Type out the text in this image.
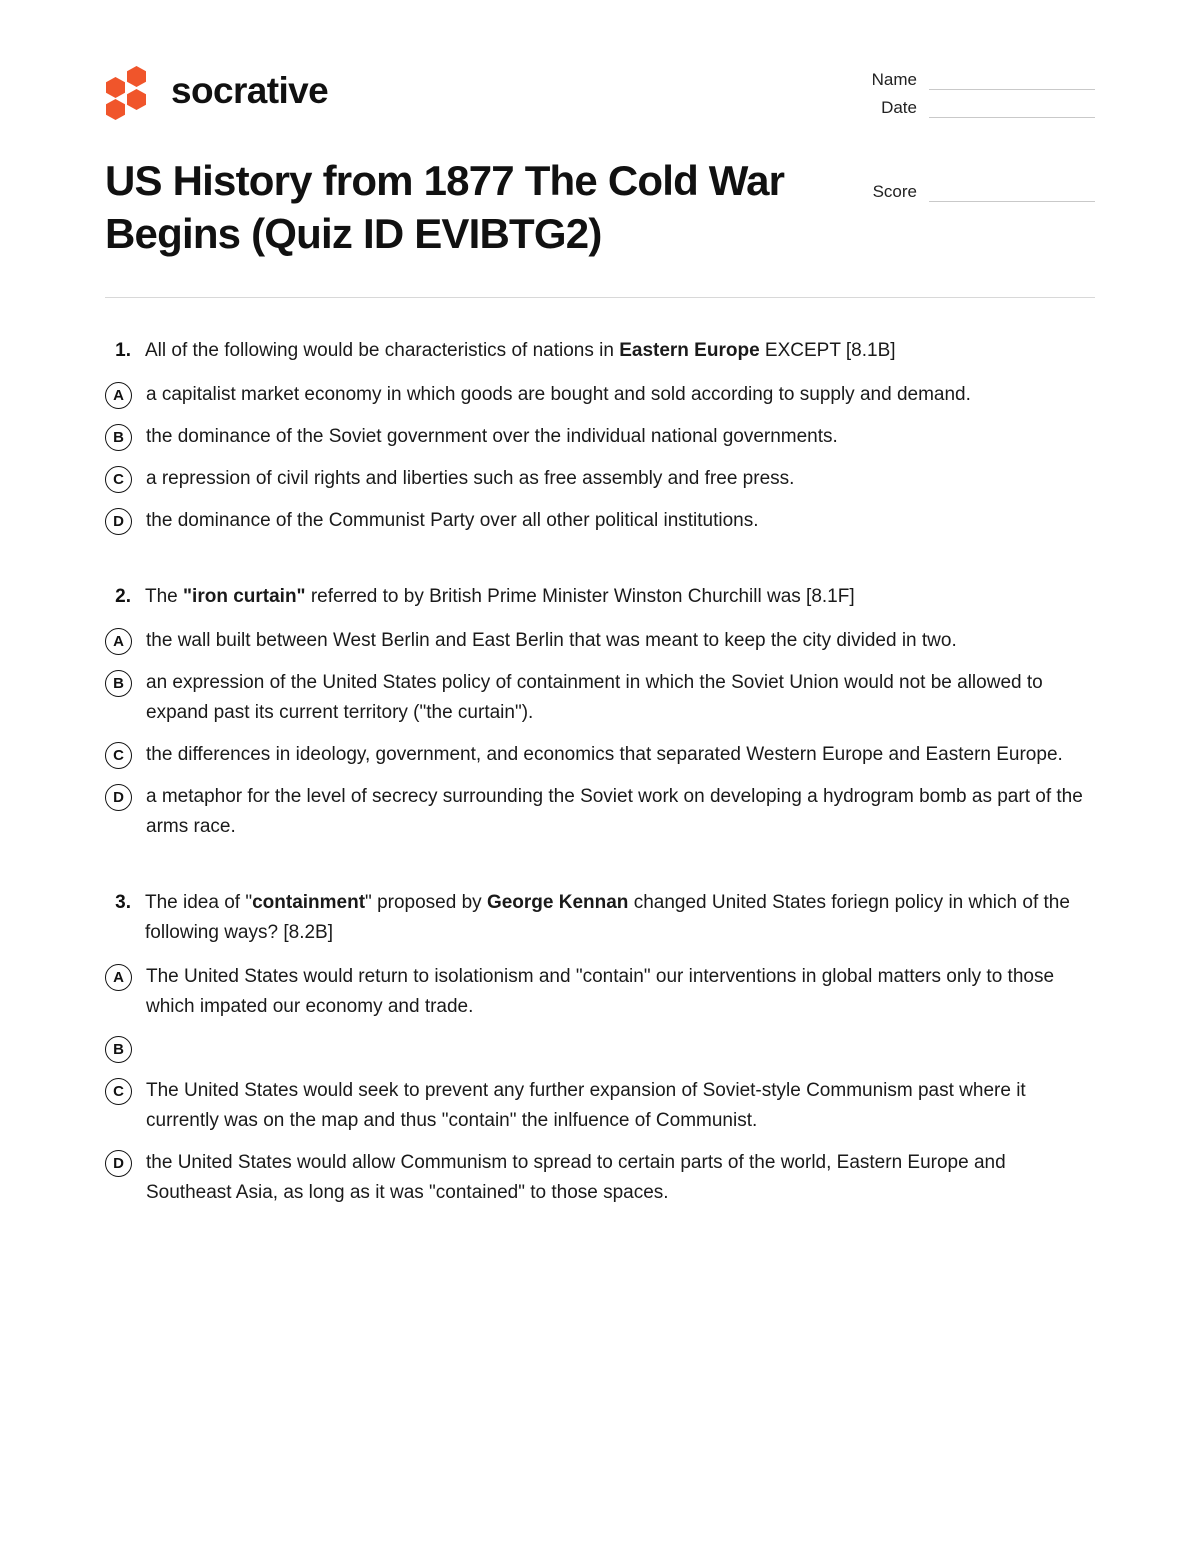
socrative	Name
Date
Score
US History from 1877 The Cold War Begins (Quiz ID EVIBTG2)
1. All of the following would be characteristics of nations in Eastern Europe EXCEPT [8.1B]
A	a capitalist market economy in which goods are bought and sold according to supply and demand.
B	the dominance of the Soviet government over the individual national governments.
C	a repression of civil rights and liberties such as free assembly and free press.
D	the dominance of the Communist Party over all other political institutions.
2. The "iron curtain" referred to by British Prime Minister Winston Churchill was [8.1F]
A	the wall built between West Berlin and East Berlin that was meant to keep the city divided in two.
B	an expression of the United States policy of containment in which the Soviet Union would not be allowed to expand past its current territory ("the curtain").
C	the differences in ideology, government, and economics that separated Western Europe and Eastern Europe.
D	a metaphor for the level of secrecy surrounding the Soviet work on developing a hydrogram bomb as part of the arms race.
3. The idea of "containment" proposed by George Kennan changed United States foriegn policy in which of the following ways? [8.2B]
A	The United States would return to isolationism and "contain" our interventions in global matters only to those which impated our economy and trade.
B
C	The United States would seek to prevent any further expansion of Soviet-style Communism past where it currently was on the map and thus "contain" the inlfuence of Communist.
D	the United States would allow Communism to spread to certain parts of the world, Eastern Europe and Southeast Asia, as long as it was "contained" to those spaces.
